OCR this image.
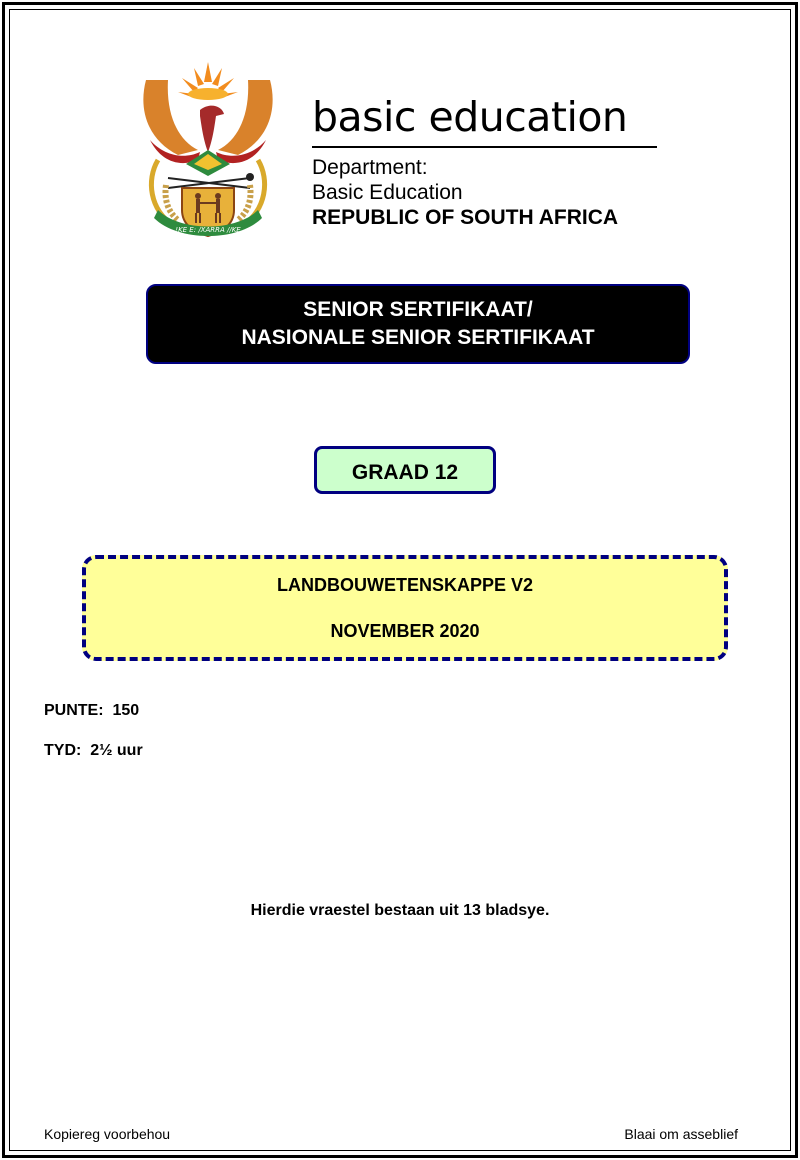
!KE E: /XARRA //KE
basic education
Department:
Basic Education
REPUBLIC OF SOUTH AFRICA
SENIOR SERTIFIKAAT/
NASIONALE SENIOR SERTIFIKAAT
GRAAD 12
LANDBOUWETENSKAPPE V2
NOVEMBER 2020
PUNTE:  150
TYD:  2½ uur
Hierdie vraestel bestaan uit 13 bladsye.
Kopiereg voorbehou	Blaai om asseblief
